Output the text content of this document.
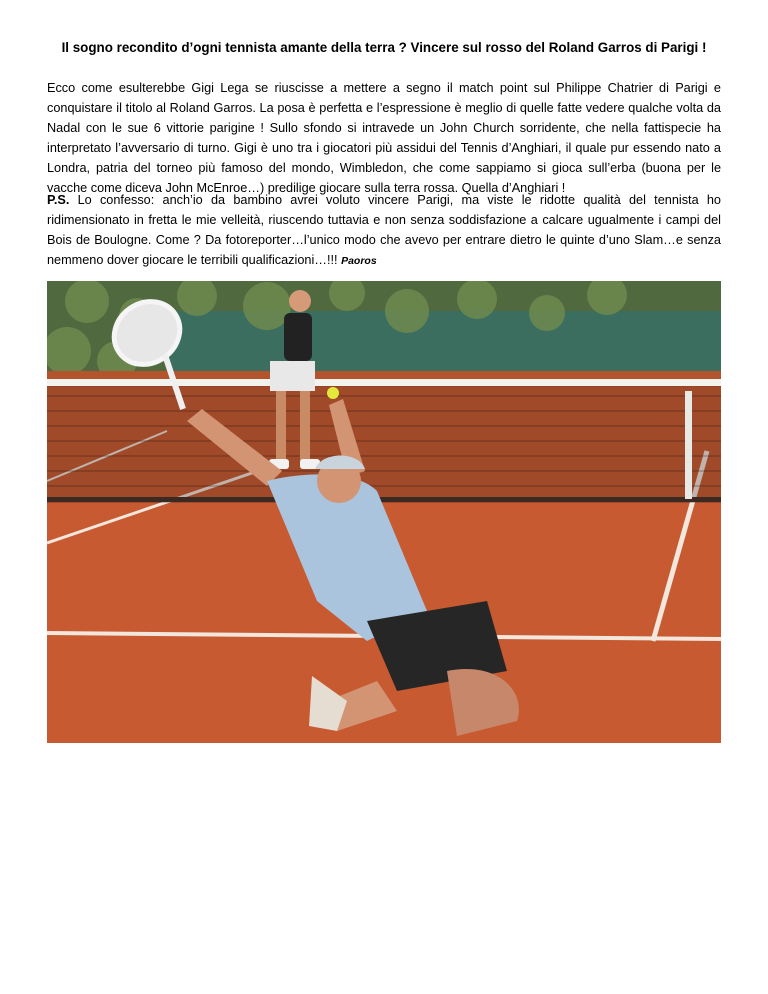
Il sogno recondito d’ogni tennista amante della terra ? Vincere sul rosso del Roland Garros di Parigi !
Ecco come esulterebbe Gigi Lega se riuscisse a mettere a segno il match point sul Philippe Chatrier di Parigi e conquistare il titolo al Roland Garros. La posa è perfetta e l’espressione è meglio di quelle fatte vedere qualche volta da Nadal con le sue 6 vittorie parigine ! Sullo sfondo si intravede un John Church sorridente, che nella fattispecie ha interpretato l’avversario di turno. Gigi è uno tra i giocatori più assidui del Tennis d’Anghiari, il quale pur essendo nato a Londra, patria del torneo più famoso del mondo, Wimbledon, che come sappiamo si gioca sull’erba (buona per le vacche come diceva John McEnroe…) predilige giocare sulla terra rossa. Quella d’Anghiari !
P.S. Lo confesso: anch’io da bambino avrei voluto vincere Parigi, ma viste le ridotte qualità del tennista ho ridimensionato in fretta le mie velleità, riuscendo tuttavia e non senza soddisfazione a calcare ugualmente i campi del Bois de Boulogne. Come ? Da fotoreporter…l’unico modo che avevo per entrare dietro le quinte d’uno Slam…e senza nemmeno dover giocare le terribili qualificazioni…!!! Paoros
